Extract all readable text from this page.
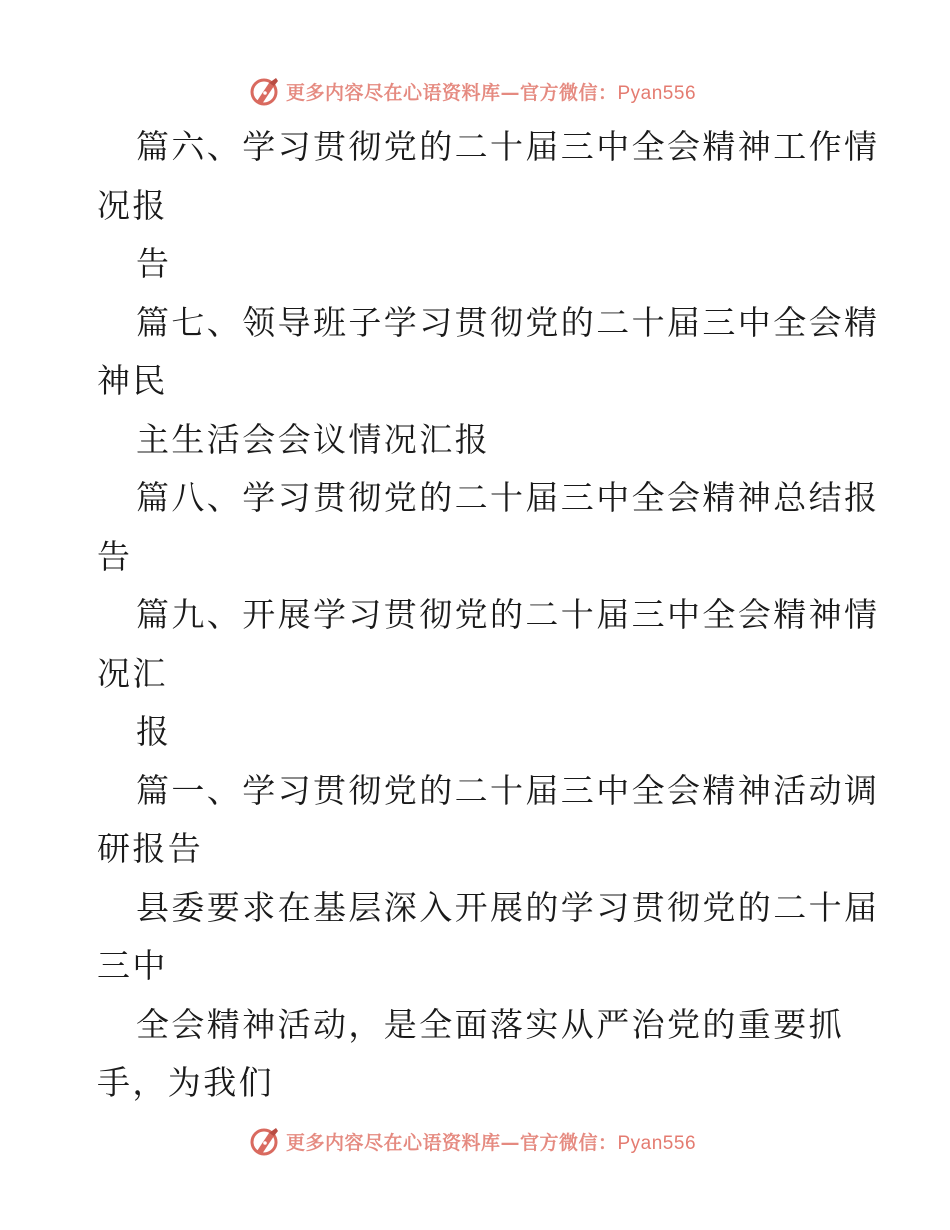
更多内容尽在心语资料库—官方微信：Pyan556
篇六、学习贯彻党的二十届三中全会精神工作情
况报
告
篇七、领导班子学习贯彻党的二十届三中全会精
神民
主生活会会议情况汇报
篇八、学习贯彻党的二十届三中全会精神总结报
告
篇九、开展学习贯彻党的二十届三中全会精神情
况汇
报
篇一、学习贯彻党的二十届三中全会精神活动调
研报告
县委要求在基层深入开展的学习贯彻党的二十届
三中
全会精神活动，是全面落实从严治党的重要抓
手，为我们
更多内容尽在心语资料库—官方微信：Pyan556
